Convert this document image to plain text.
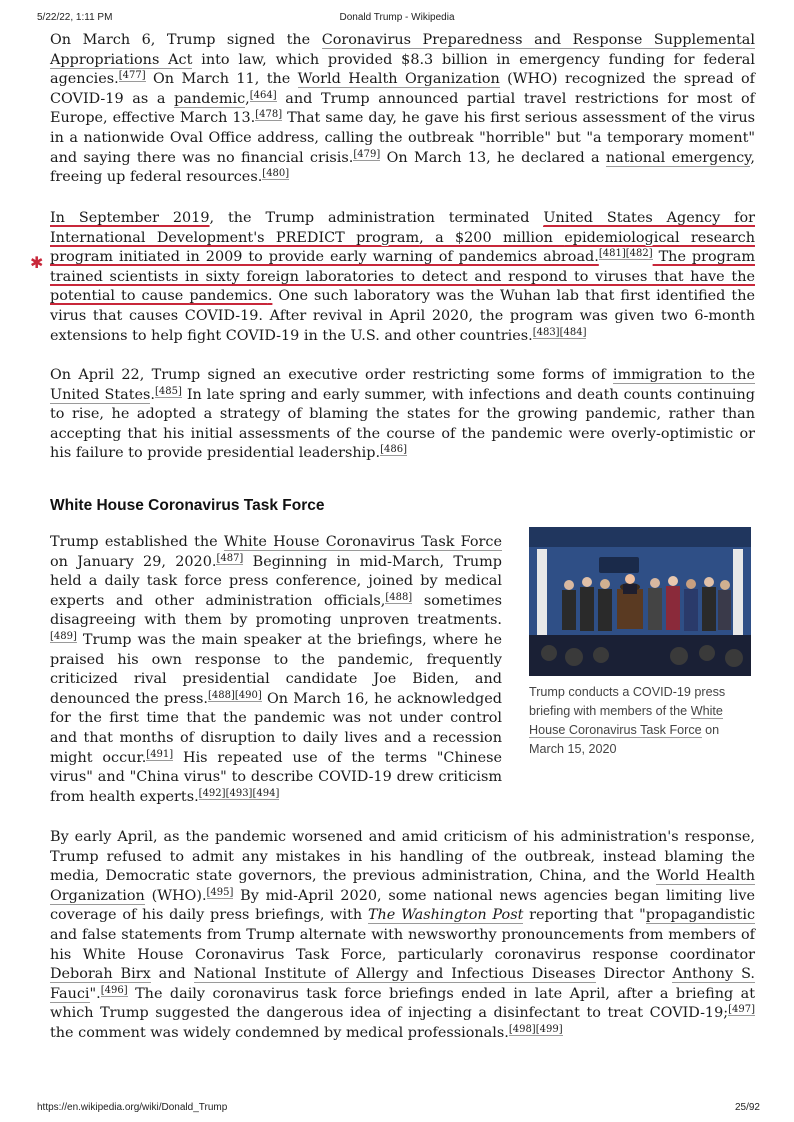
5/22/22, 1:11 PM	Donald Trump - Wikipedia

On March 6, Trump signed the Coronavirus Preparedness and Response Supplemental Appropriations Act into law, which provided $8.3 billion in emergency funding for federal agencies.[477] On March 11, the World Health Organization (WHO) recognized the spread of COVID-19 as a pandemic,[464] and Trump announced partial travel restrictions for most of Europe, effective March 13.[478] That same day, he gave his first serious assessment of the virus in a nationwide Oval Office address, calling the outbreak "horrible" but "a temporary moment" and saying there was no financial crisis.[479] On March 13, he declared a national emergency, freeing up federal resources.[480]

✱

In September 2019, the Trump administration terminated United States Agency for International Development's PREDICT program, a $200 million epidemiological research program initiated in 2009 to provide early warning of pandemics abroad.[481][482] The program trained scientists in sixty foreign laboratories to detect and respond to viruses that have the potential to cause pandemics. One such laboratory was the Wuhan lab that first identified the virus that causes COVID-19. After revival in April 2020, the program was given two 6-month extensions to help fight COVID-19 in the U.S. and other countries.[483][484]

On April 22, Trump signed an executive order restricting some forms of immigration to the United States.[485] In late spring and early summer, with infections and death counts continuing to rise, he adopted a strategy of blaming the states for the growing pandemic, rather than accepting that his initial assessments of the course of the pandemic were overly-optimistic or his failure to provide presidential leadership.[486]

White House Coronavirus Task Force

Trump established the White House Coronavirus Task Force on January 29, 2020.[487] Beginning in mid-March, Trump held a daily task force press conference, joined by medical experts and other administration officials,[488] sometimes disagreeing with them by promoting unproven treatments.[489] Trump was the main speaker at the briefings, where he praised his own response to the pandemic, frequently criticized rival presidential candidate Joe Biden, and denounced the press.[488][490] On March 16, he acknowledged for the first time that the pandemic was not under control and that months of disruption to daily lives and a recession might occur.[491] His repeated use of the terms "Chinese virus" and "China virus" to describe COVID-19 drew criticism from health experts.[492][493][494]

Trump conducts a COVID-19 press briefing with members of the White House Coronavirus Task Force on March 15, 2020

By early April, as the pandemic worsened and amid criticism of his administration's response, Trump refused to admit any mistakes in his handling of the outbreak, instead blaming the media, Democratic state governors, the previous administration, China, and the World Health Organization (WHO).[495] By mid-April 2020, some national news agencies began limiting live coverage of his daily press briefings, with The Washington Post reporting that "propagandistic and false statements from Trump alternate with newsworthy pronouncements from members of his White House Coronavirus Task Force, particularly coronavirus response coordinator Deborah Birx and National Institute of Allergy and Infectious Diseases Director Anthony S. Fauci".[496] The daily coronavirus task force briefings ended in late April, after a briefing at which Trump suggested the dangerous idea of injecting a disinfectant to treat COVID-19;[497] the comment was widely condemned by medical professionals.[498][499]

https://en.wikipedia.org/wiki/Donald_Trump	25/92
